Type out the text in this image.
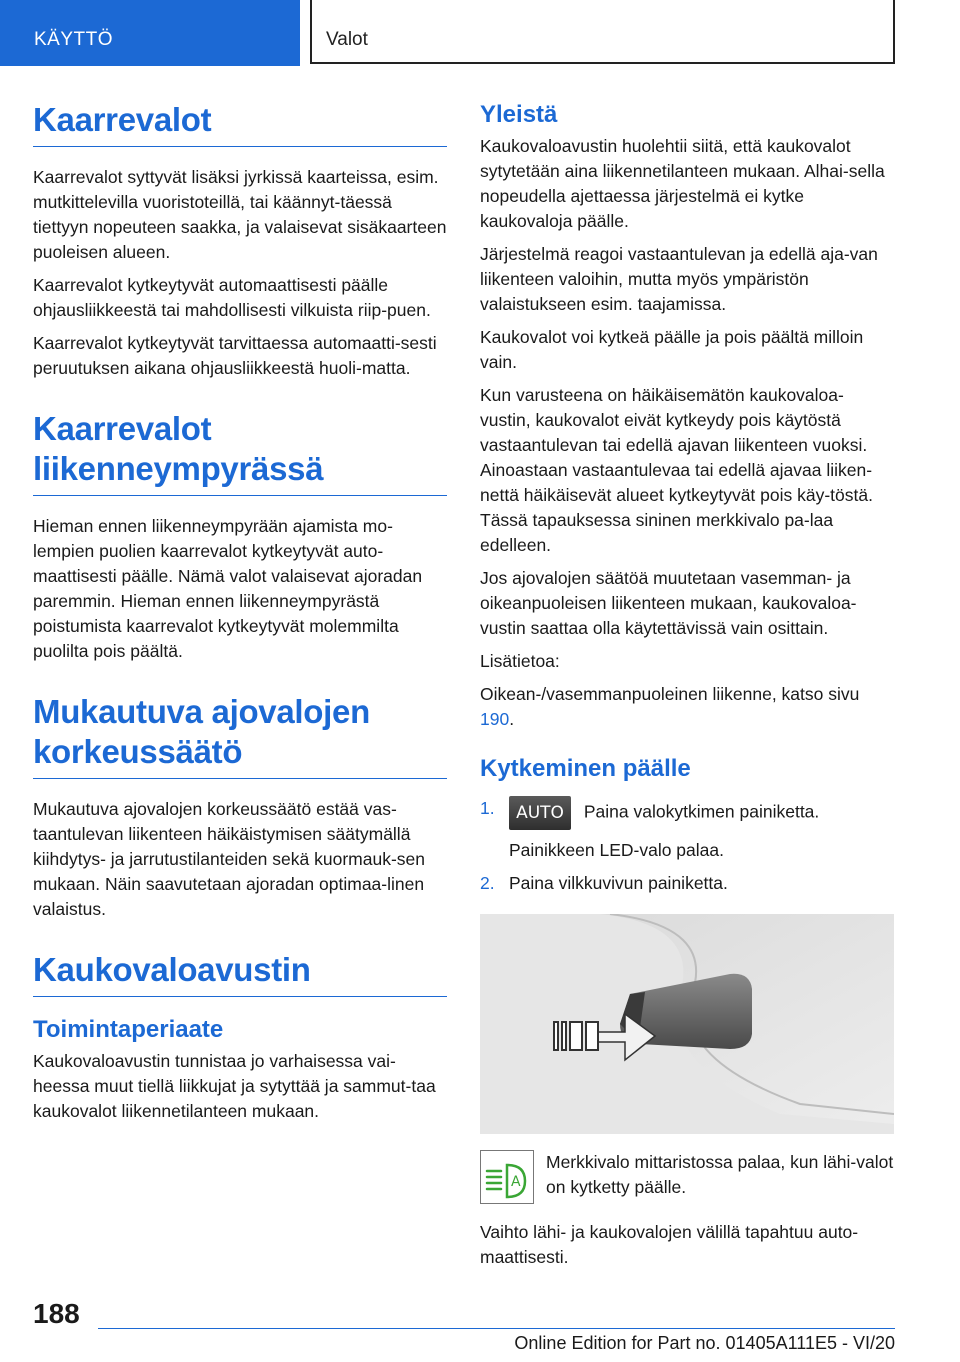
KÄYTTÖ	Valot
Kaarrevalot

Kaarrevalot syttyvät lisäksi jyrkissä kaarteissa, esim. mutkittelevilla vuoristoteillä, tai käännyt‐täessä tiettyyn nopeuteen saakka, ja valaisevat sisäkaarteen puoleisen alueen.

Kaarrevalot kytkeytyvät automaattisesti päälle ohjausliikkeestä tai mahdollisesti vilkuista riip‐puen.

Kaarrevalot kytkeytyvät tarvittaessa automaatti‐sesti peruutuksen aikana ohjausliikkeestä huoli‐matta.

Kaarrevalot
liikenneympyrässä

Hieman ennen liikenneympyrään ajamista mo‐lempien puolien kaarrevalot kytkeytyvät auto‐maattisesti päälle. Nämä valot valaisevat ajoradan paremmin. Hieman ennen liikenneympyrästä poistumista kaarrevalot kytkeytyvät molemmilta puolilta pois päältä.

Mukautuva ajovalojen
korkeussäätö

Mukautuva ajovalojen korkeussäätö estää vas‐taantulevan liikenteen häikäistymisen säätymällä kiihdytys- ja jarrutustilanteiden sekä kuormauk‐sen mukaan. Näin saavutetaan ajoradan optimaa‐linen valaistus.

Kaukovaloavustin
Toimintaperiaate

Kaukovaloavustin tunnistaa jo varhaisessa vai‐heessa muut tiellä liikkujat ja sytyttää ja sammut‐taa kaukovalot liikennetilanteen mukaan.

Yleistä

Kaukovaloavustin huolehtii siitä, että kaukovalot sytytetään aina liikennetilanteen mukaan. Alhai‐sella nopeudella ajettaessa järjestelmä ei kytke kaukovaloja päälle.

Järjestelmä reagoi vastaantulevan ja edellä aja‐van liikenteen valoihin, mutta myös ympäristön valaistukseen esim. taajamissa.

Kaukovalot voi kytkeä päälle ja pois päältä milloin vain.

Kun varusteena on häikäisemätön kaukovaloa‐vustin, kaukovalot eivät kytkeydy pois käytöstä vastaantulevan tai edellä ajavan liikenteen vuoksi. Ainoastaan vastaantulevaa tai edellä ajavaa liiken‐nettä häikäisevät alueet kytkeytyvät pois käy‐töstä. Tässä tapauksessa sininen merkkivalo pa‐laa edelleen.

Jos ajovalojen säätöä muutetaan vasemman- ja oikeanpuoleisen liikenteen mukaan, kaukovaloa‐vustin saattaa olla käytettävissä vain osittain.

Lisätietoa:

Oikean-/vasemmanpuoleinen liikenne, katso sivu 190.

Kytkeminen päälle
1. AUTO Paina valokytkimen painiketta.
Painikkeen LED-valo palaa.
2. Paina vilkkuvivun painiketta.
A
Merkkivalo mittaristossa palaa, kun lähi‐valot on kytketty päälle.

Vaihto lähi- ja kaukovalojen välillä tapahtuu auto‐maattisesti.

188
Online Edition for Part no. 01405A111E5 - VI/20
